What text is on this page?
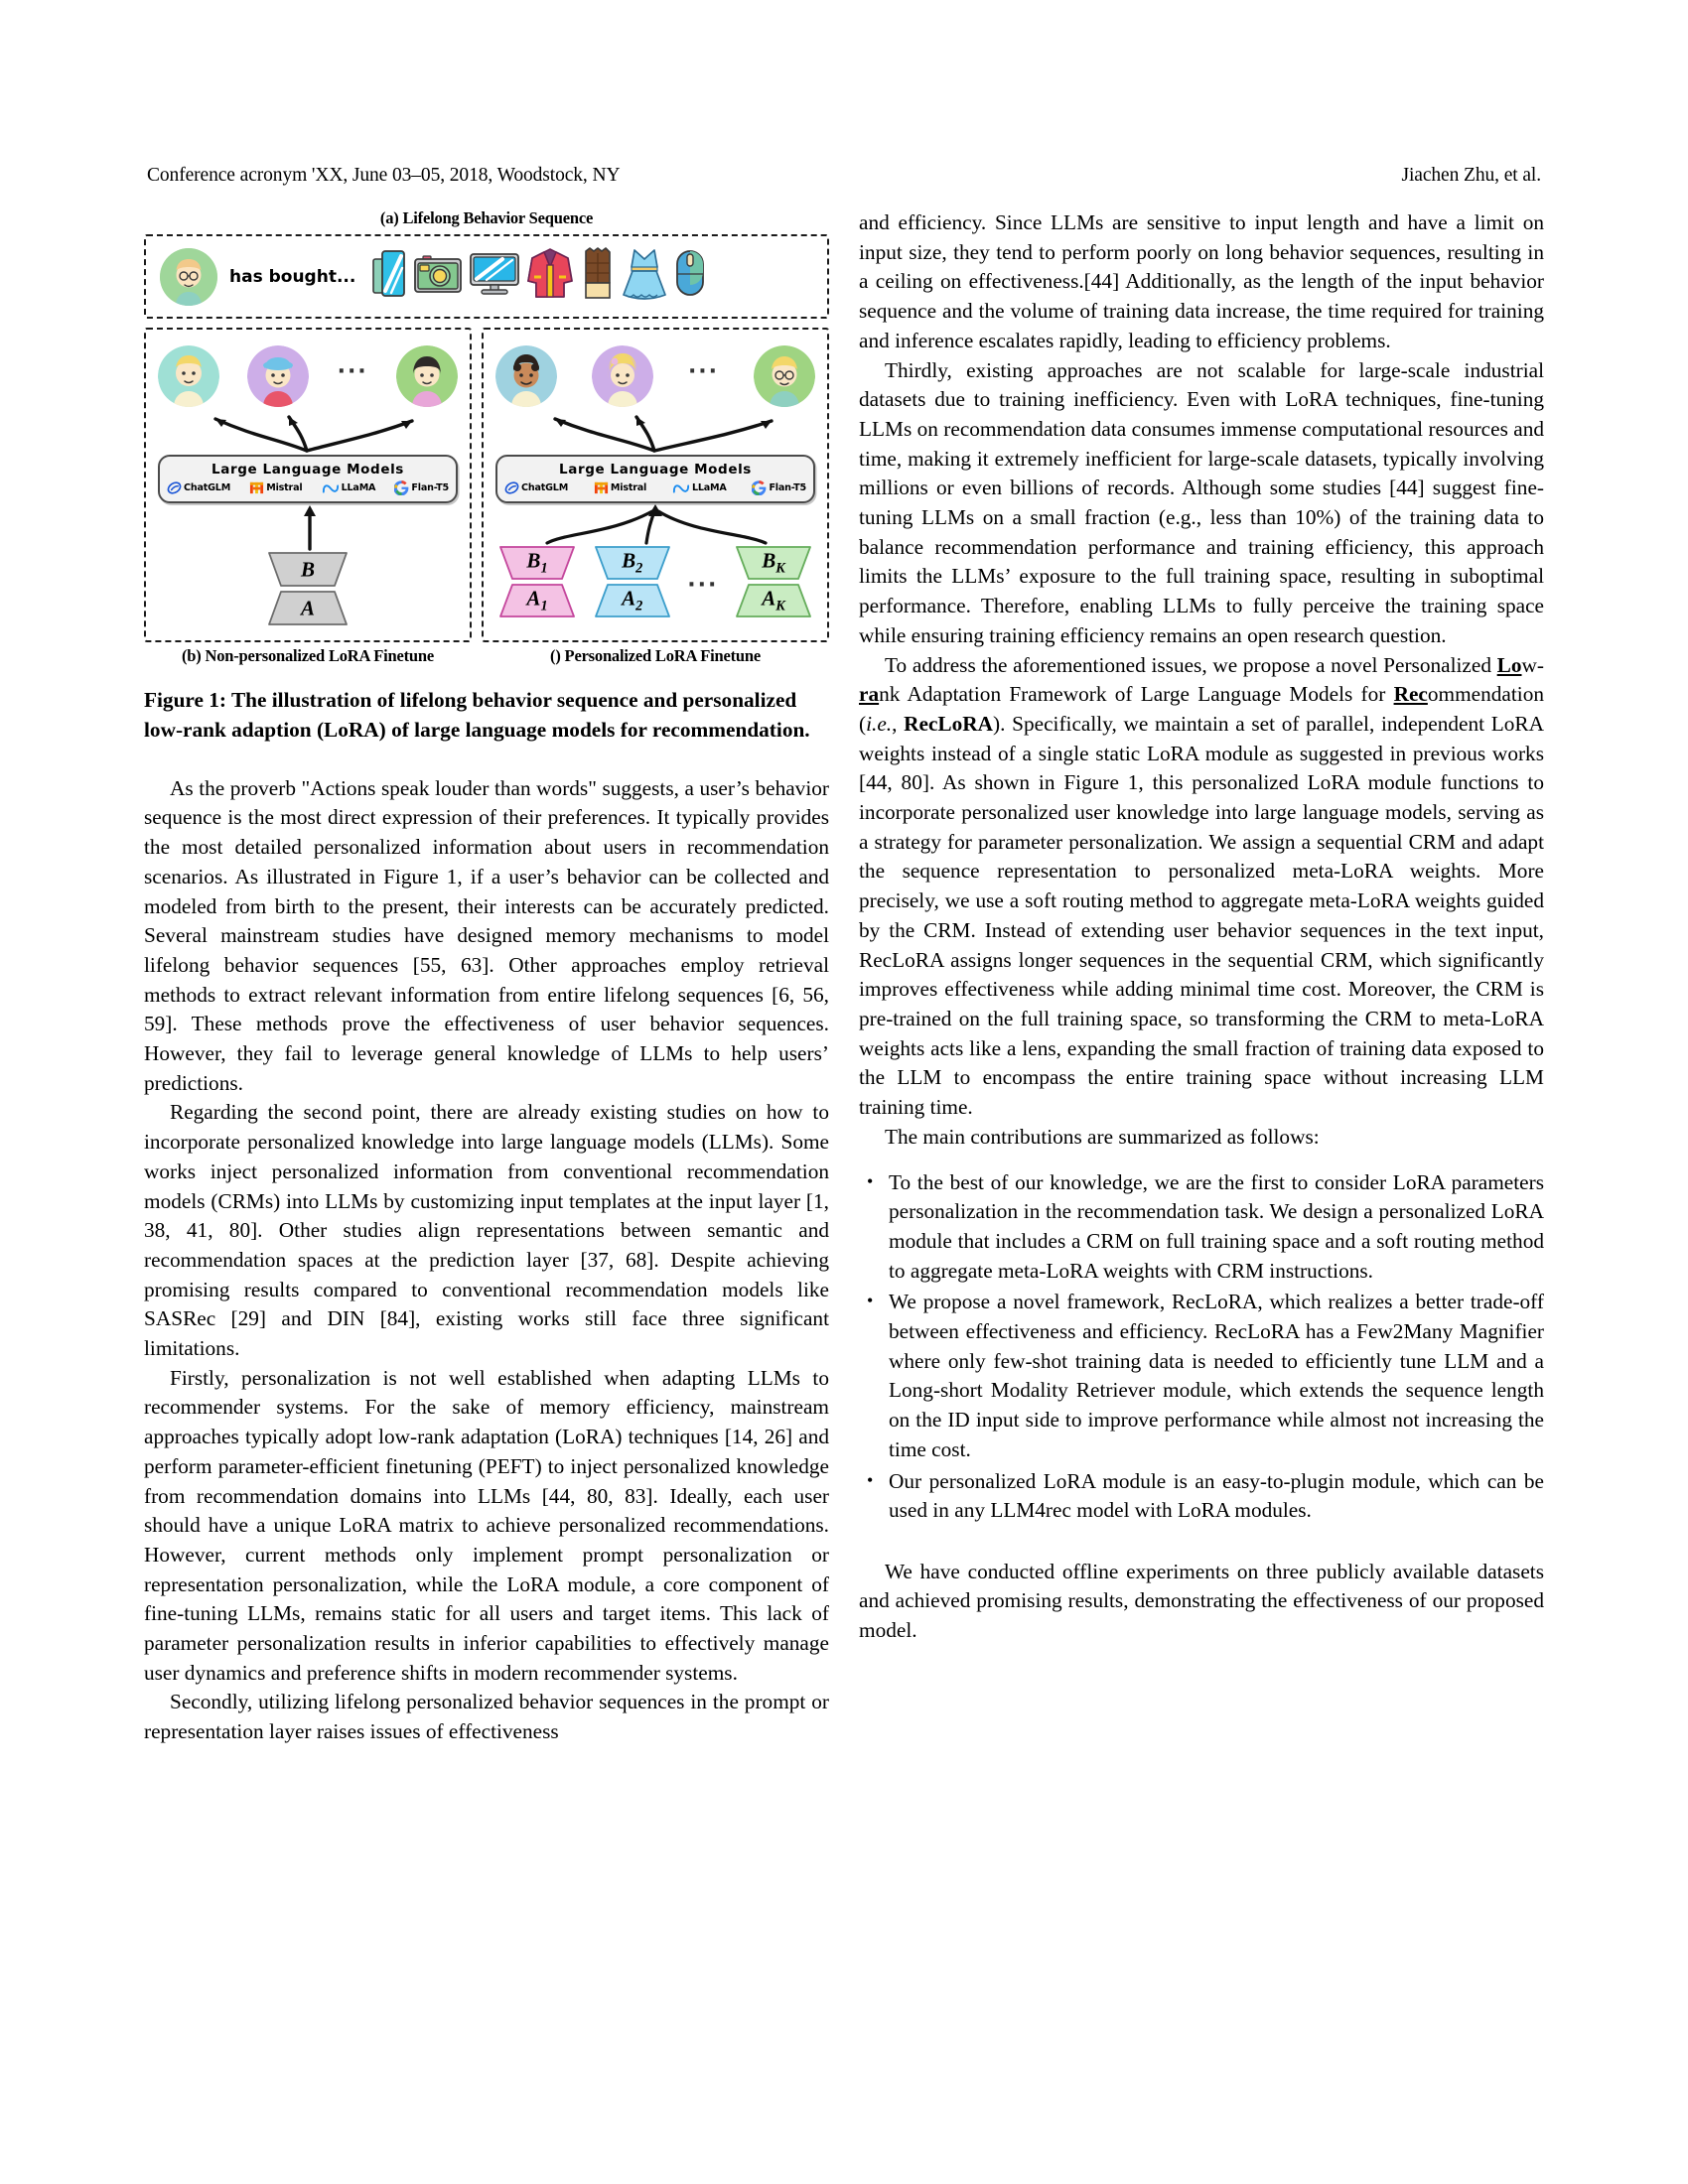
Conference acronym 'XX, June 03–05, 2018, Woodstock, NY	Jiachen Zhu, et al.
(a) Lifelong Behavior Sequence
has bought...
···
Large Language Models
ChatGLM	Mistral	LLaMA	Flan-T5
B
A
···
Large Language Models
ChatGLM	Mistral	LLaMA	Flan-T5
$B_1$
$A_1$
$B_2$
$A_2$
···
$B_K$
$A_K$
(b) Non-personalized LoRA Finetune	() Personalized LoRA Finetune
Figure 1: The illustration of lifelong behavior sequence and personalized low-rank adaption (LoRA) of large language models for recommendation.

As the proverb "Actions speak louder than words" suggests, a user’s behavior sequence is the most direct expression of their preferences. It typically provides the most detailed personalized information about users in recommendation scenarios. As illustrated in Figure 1, if a user’s behavior can be collected and modeled from birth to the present, their interests can be accurately predicted. Several mainstream studies have designed memory mechanisms to model lifelong behavior sequences [55, 63]. Other approaches employ retrieval methods to extract relevant information from entire lifelong sequences [6, 56, 59]. These methods prove the effectiveness of user behavior sequences. However, they fail to leverage general knowledge of LLMs to help users’ predictions.

Regarding the second point, there are already existing studies on how to incorporate personalized knowledge into large language models (LLMs). Some works inject personalized information from conventional recommendation models (CRMs) into LLMs by customizing input templates at the input layer [1, 38, 41, 80]. Other studies align representations between semantic and recommendation spaces at the prediction layer [37, 68]. Despite achieving promising results compared to conventional recommendation models like SASRec [29] and DIN [84], existing works still face three significant limitations.

Firstly, personalization is not well established when adapting LLMs to recommender systems. For the sake of memory efficiency, mainstream approaches typically adopt low-rank adaptation (LoRA) techniques [14, 26] and perform parameter-efficient finetuning (PEFT) to inject personalized knowledge from recommendation domains into LLMs [44, 80, 83]. Ideally, each user should have a unique LoRA matrix to achieve personalized recommendations. However, current methods only implement prompt personalization or representation personalization, while the LoRA module, a core component of fine-tuning LLMs, remains static for all users and target items. This lack of parameter personalization results in inferior capabilities to effectively manage user dynamics and preference shifts in modern recommender systems.

Secondly, utilizing lifelong personalized behavior sequences in the prompt or representation layer raises issues of effectiveness

and efficiency. Since LLMs are sensitive to input length and have a limit on input size, they tend to perform poorly on long behavior sequences, resulting in a ceiling on effectiveness.[44] Additionally, as the length of the input behavior sequence and the volume of training data increase, the time required for training and inference escalates rapidly, leading to efficiency problems.

Thirdly, existing approaches are not scalable for large-scale industrial datasets due to training inefficiency. Even with LoRA techniques, fine-tuning LLMs on recommendation data consumes immense computational resources and time, making it extremely inefficient for large-scale datasets, typically involving millions or even billions of records. Although some studies [44] suggest fine-tuning LLMs on a small fraction (e.g., less than 10%) of the training data to balance recommendation performance and training efficiency, this approach limits the LLMs’ exposure to the full training space, resulting in suboptimal performance. Therefore, enabling LLMs to fully perceive the training space while ensuring training efficiency remains an open research question.

To address the aforementioned issues, we propose a novel Personalized Low-rank Adaptation Framework of Large Language Models for Recommendation (i.e., RecLoRA). Specifically, we maintain a set of parallel, independent LoRA weights instead of a single static LoRA module as suggested in previous works [44, 80]. As shown in Figure 1, this personalized LoRA module functions to incorporate personalized user knowledge into large language models, serving as a strategy for parameter personalization. We assign a sequential CRM and adapt the sequence representation to personalized meta-LoRA weights. More precisely, we use a soft routing method to aggregate meta-LoRA weights guided by the CRM. Instead of extending user behavior sequences in the text input, RecLoRA assigns longer sequences in the sequential CRM, which significantly improves effectiveness while adding minimal time cost. Moreover, the CRM is pre-trained on the full training space, so transforming the CRM to meta-LoRA weights acts like a lens, expanding the small fraction of training data exposed to the LLM to encompass the entire training space without increasing LLM training time.

The main contributions are summarized as follows:

• To the best of our knowledge, we are the first to consider LoRA parameters personalization in the recommendation task. We design a personalized LoRA module that includes a CRM on full training space and a soft routing method to aggregate meta-LoRA weights with CRM instructions.
• We propose a novel framework, RecLoRA, which realizes a better trade-off between effectiveness and efficiency. RecLoRA has a Few2Many Magnifier where only few-shot training data is needed to efficiently tune LLM and a Long-short Modality Retriever module, which extends the sequence length on the ID input side to improve performance while almost not increasing the time cost.
• Our personalized LoRA module is an easy-to-plugin module, which can be used in any LLM4rec model with LoRA modules.

We have conducted offline experiments on three publicly available datasets and achieved promising results, demonstrating the effectiveness of our proposed model.
